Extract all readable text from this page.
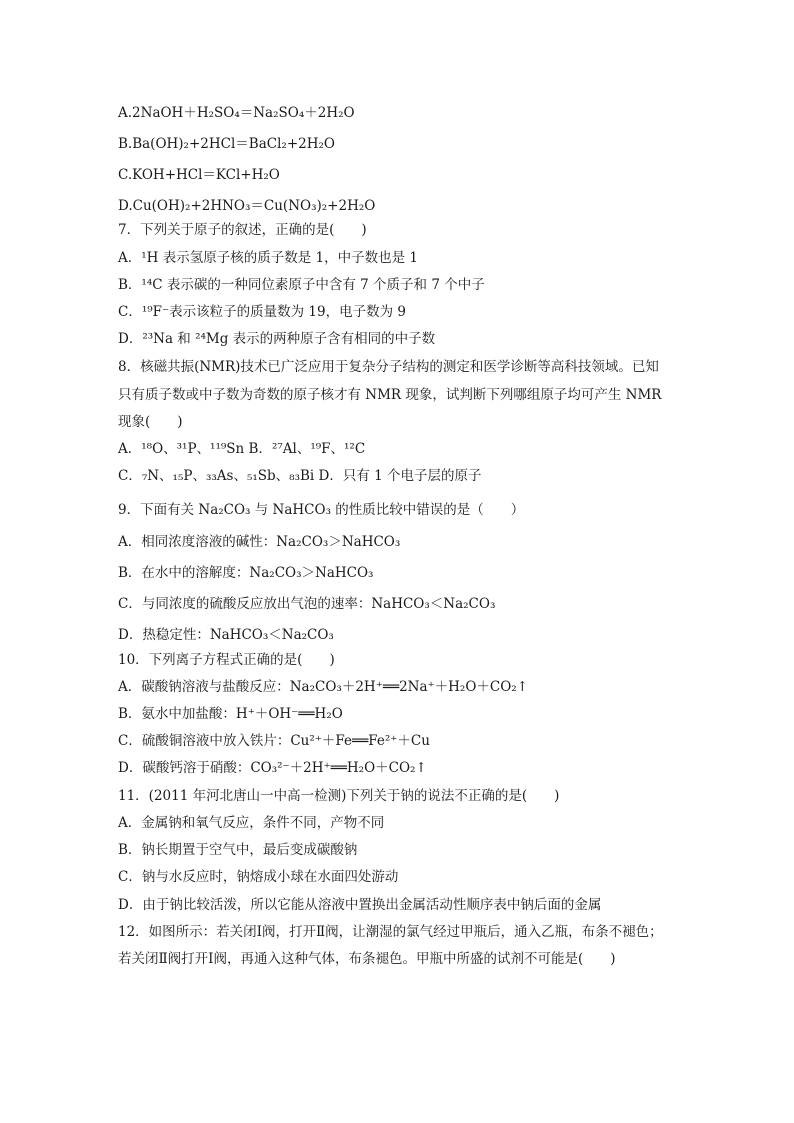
A.2NaOH＋H₂SO₄＝Na₂SO₄＋2H₂O
B.Ba(OH)₂+2HCl＝BaCl₂+2H₂O
C.KOH+HCl＝KCl+H₂O
D.Cu(OH)₂+2HNO₃＝Cu(NO₃)₂+2H₂O
7．下列关于原子的叙述，正确的是(　　)
A．¹H 表示氢原子核的质子数是 1，中子数也是 1
B．¹⁴C 表示碳的一种同位素原子中含有 7 个质子和 7 个中子
C．¹⁹F⁻表示该粒子的质量数为 19，电子数为 9
D．²³Na 和 ²⁴Mg 表示的两种原子含有相同的中子数
8．核磁共振(NMR)技术已广泛应用于复杂分子结构的测定和医学诊断等高科技领域。已知
只有质子数或中子数为奇数的原子核才有 NMR 现象，试判断下列哪组原子均可产生 NMR
现象(　　)
A．¹⁸O、³¹P、¹¹⁹Sn B．²⁷Al、¹⁹F、¹²C
C．₇N、₁₅P、₃₃As、₅₁Sb、₈₃Bi D．只有 1 个电子层的原子
9．下面有关 Na₂CO₃ 与 NaHCO₃ 的性质比较中错误的是（　　）
A．相同浓度溶液的碱性：Na₂CO₃＞NaHCO₃
B．在水中的溶解度：Na₂CO₃＞NaHCO₃
C．与同浓度的硫酸反应放出气泡的速率：NaHCO₃＜Na₂CO₃
D．热稳定性：NaHCO₃＜Na₂CO₃
10．下列离子方程式正确的是(　　)
A．碳酸钠溶液与盐酸反应：Na₂CO₃＋2H⁺══2Na⁺＋H₂O＋CO₂↑
B．氨水中加盐酸：H⁺＋OH⁻══H₂O
C．硫酸铜溶液中放入铁片：Cu²⁺＋Fe══Fe²⁺＋Cu
D．碳酸钙溶于硝酸：CO₃²⁻＋2H⁺══H₂O＋CO₂↑
11．(2011 年河北唐山一中高一检测)下列关于钠的说法不正确的是(　　)
A．金属钠和氧气反应，条件不同，产物不同
B．钠长期置于空气中，最后变成碳酸钠
C．钠与水反应时，钠熔成小球在水面四处游动
D．由于钠比较活泼，所以它能从溶液中置换出金属活动性顺序表中钠后面的金属
12．如图所示：若关闭Ⅰ阀，打开Ⅱ阀，让潮湿的氯气经过甲瓶后，通入乙瓶，布条不褪色；
若关闭Ⅱ阀打开Ⅰ阀，再通入这种气体，布条褪色。甲瓶中所盛的试剂不可能是(　　)
